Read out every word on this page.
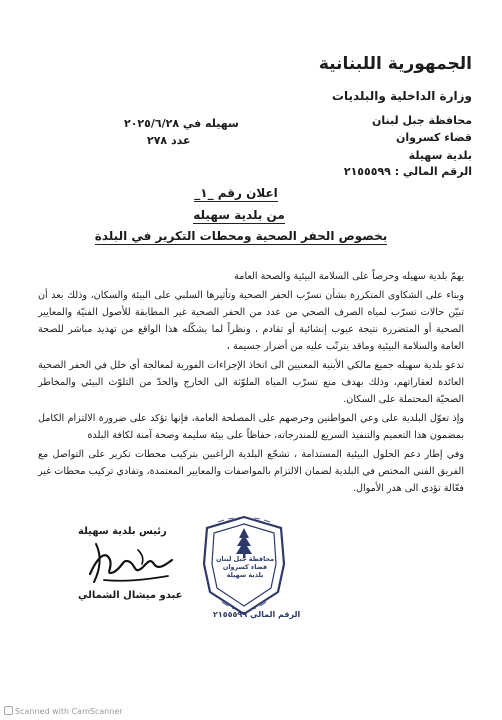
الجمهورية اللبنانية
وزارة الداخلية والبلديات
محافظة جبل لبنان
قضاء كسروان
بلدية سهيلة
الرقم المالي : ٢١٥٥٥٩٩
سهيله في ٢٠٢٥/٦/٢٨
عدد ٢٧٨
اعلان رقم _١_
من بلدية سهيله
بخصوص الحفر الصحية ومحطات التكرير في البلدة

يهمّ بلدية سهيله وحرصاً على السلامة البيئية والصحة العامة

وبناء على الشكاوى المتكررة بشأن تسرّب الحفر الصحية وتأثيرها السلبي على البيئة والسكان، وذلك بعد أن تبيّن حالات تسرّب لمياه الصرف الصحي من عدد من الحفر الصحية غير المطابقة للأصول الفنيّة والمعايير الصحية أو المتضررة نتيجة عيوب إنشائية أو تقادم ، ونظراً لما يشكّله هذا الواقع من تهديد مباشر للصحة العامة والسلامة البيئية وماقد يترتّب عليه من أضرار جسيمة ،

تدعو بلدية سهيله جميع مالكي الأبنية المعنيين الى اتخاذ الإجراءات الفورية لمعالجة أي خلل في الحفر الصحية العائدة لعقاراتهم، وذلك بهدف منع تسرّب المياه الملوّثة الى الخارج والحدّ من التلوّث البيئي والمخاطر الصحيّة المحتملة على السكان.

وإذ تعوّل البلدية على وعي المواطنين وحرصهم على المصلحة العامة، فإنها تؤكد على ضرورة الالتزام الكامل بمضمون هذا التعميم والتنفيذ السريع للمندرجاته، حفاظاً على بيئة سليمة وصحة آمنة لكافة البلدة

وفي إطار دعم الحلول البيئية المستدامة ، تشجّع البلدية الراغبين بتركيب محطات تكرير على التواصل مع الفريق الفني المختص في البلدية لضمان الالتزام بالمواصفات والمعايير المعتمدة، وتفادي تركيب محطات غير فعّالة تؤدي الى هدر الأموال.

رئيس بلدية سهيلة
عبدو ميشال الشمالي
محافظة جبل لبنان
قضاء كسروان
بلدية سهيلة
الرقم المالي ٢١٥٥٥٩٩
Scanned with CamScanner
